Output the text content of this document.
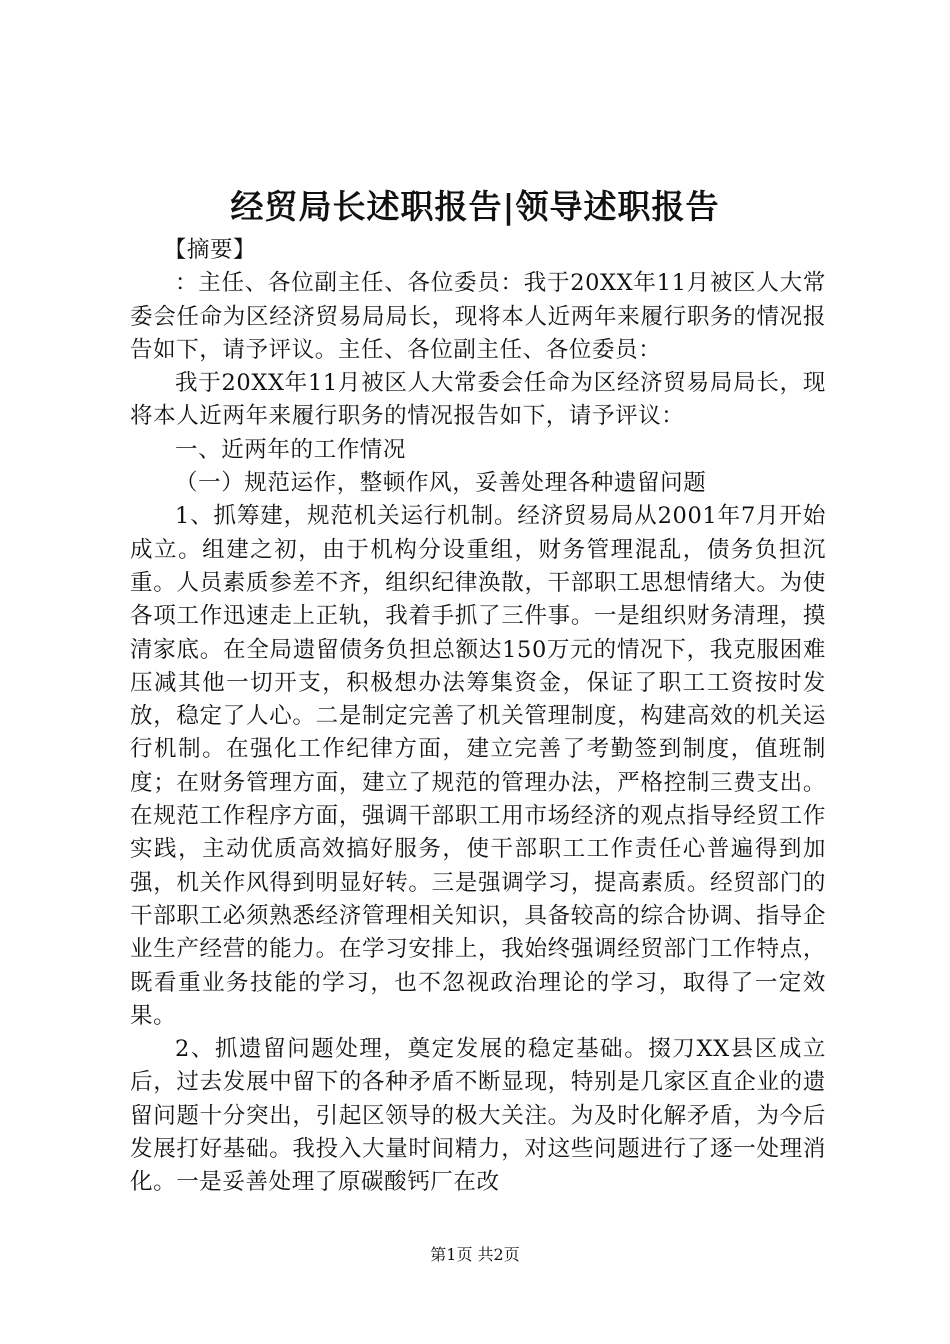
经贸局长述职报告|领导述职报告

【摘要】

：主任、各位副主任、各位委员：我于20XX年11月被区人大常委会任命为区经济贸易局局长，现将本人近两年来履行职务的情况报告如下，请予评议。主任、各位副主任、各位委员：

我于20XX年11月被区人大常委会任命为区经济贸易局局长，现将本人近两年来履行职务的情况报告如下，请予评议：

一、近两年的工作情况

（一）规范运作，整顿作风，妥善处理各种遗留问题

1、抓筹建，规范机关运行机制。经济贸易局从2001年7月开始成立。组建之初，由于机构分设重组，财务管理混乱，债务负担沉重。人员素质参差不齐，组织纪律涣散，干部职工思想情绪大。为使各项工作迅速走上正轨，我着手抓了三件事。一是组织财务清理，摸清家底。在全局遗留债务负担总额达150万元的情况下，我克服困难压减其他一切开支，积极想办法筹集资金，保证了职工工资按时发放，稳定了人心。二是制定完善了机关管理制度，构建高效的机关运行机制。在强化工作纪律方面，建立完善了考勤签到制度，值班制度；在财务管理方面，建立了规范的管理办法，严格控制三费支出。在规范工作程序方面，强调干部职工用市场经济的观点指导经贸工作实践，主动优质高效搞好服务，使干部职工工作责任心普遍得到加强，机关作风得到明显好转。三是强调学习，提高素质。经贸部门的干部职工必须熟悉经济管理相关知识，具备较高的综合协调、指导企业生产经营的能力。在学习安排上，我始终强调经贸部门工作特点，既看重业务技能的学习，也不忽视政治理论的学习，取得了一定效果。

2、抓遗留问题处理，奠定发展的稳定基础。掇刀XX县区成立后，过去发展中留下的各种矛盾不断显现，特别是几家区直企业的遗留问题十分突出，引起区领导的极大关注。为及时化解矛盾，为今后发展打好基础。我投入大量时间精力，对这些问题进行了逐一处理消化。一是妥善处理了原碳酸钙厂在改

第1页 共2页
